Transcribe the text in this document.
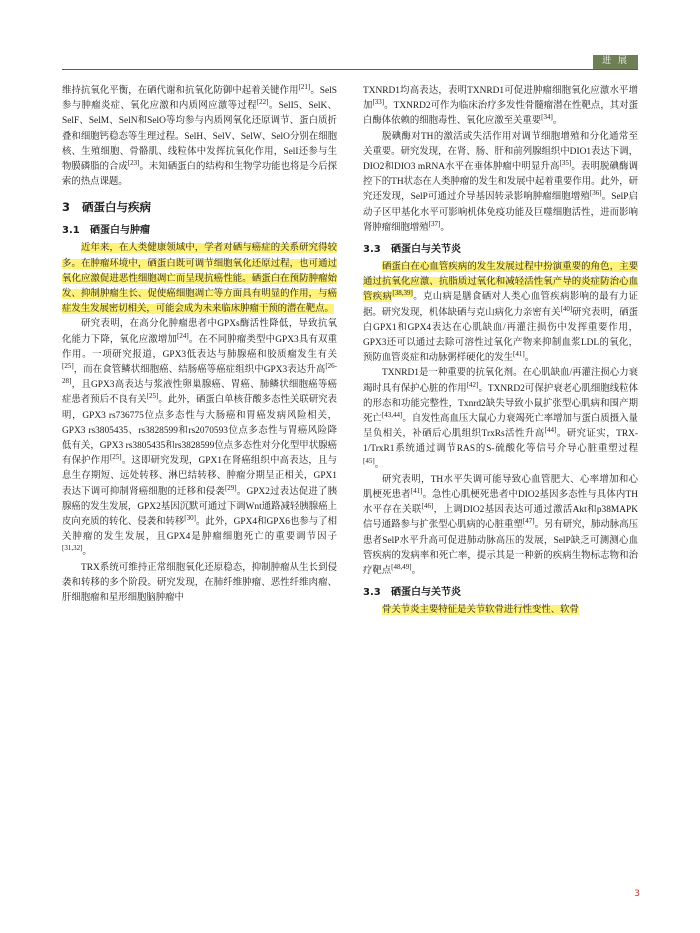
进 展

维持抗氧化平衡，在硒代谢和抗氧化防御中起着关键作用[21]。SelS参与肿瘤炎症、氧化应激和内质网应激等过程[22]。SelI5、SelK、SelF、SelM、SelN和SelO等均参与内质网氧化还原调节、蛋白质折叠和细胞钙稳态等生理过程。SelH、SelV、SelW、SelO分别在细胞核、生殖细胞、骨骼肌、线粒体中发挥抗氧化作用，SelI还参与生物膜磷脂的合成[23]。未知硒蛋白的结构和生物学功能也将是今后探索的热点课题。

3 硒蛋白与疾病
3.1 硒蛋白与肿瘤

近年来，在人类健康领域中，学者对硒与癌症的关系研究得较多。在肿瘤环境中，硒蛋白既可调节细胞氧化还原过程，也可通过氧化应激促进恶性细胞凋亡而呈现抗癌性能。硒蛋白在预防肿瘤始发、抑制肿瘤生长、促使癌细胞凋亡等方面具有明显的作用，与癌症发生发展密切相关，可能会成为未来临床肿瘤干预的潜在靶点。

研究表明，在高分化肿瘤患者中GPXs酶活性降低，导致抗氧化能力下降，氧化应激增加[24]。在不同肿瘤类型中GPX3具有双重作用。一项研究报道，GPX3低表达与肺腺癌和胶质瘤发生有关[25]，而在食管鳞状细胞癌、结肠癌等癌症组织中GPX3表达升高[26-28]，且GPX3高表达与浆液性卵巢腺癌、胃癌、肺鳞状细胞癌等癌症患者预后不良有关[25]。此外，硒蛋白单核苷酸多态性关联研究表明，GPX3 rs736775位点多态性与大肠癌和胃癌发病风险相关，GPX3 rs3805435、rs3828599和rs2070593位点多态性与胃癌风险降低有关，GPX3 rs3805435和rs3828599位点多态性对分化型甲状腺癌有保护作用[25]。这即研究发现，GPX1在肾癌组织中高表达，且与息生存期短、远处转移、淋巴结转移、肿瘤分期呈正相关，GPX1表达下调可抑制肾癌细胞的迁移和侵袭[29]。GPX2过表达促进了胰腺癌的发生发展，GPX2基因沉默可通过下调Wnt通路减轻胰腺癌上皮向充质的转化、侵袭和转移[30]。此外，GPX4和GPX6也参与了相关肿瘤的发生发展，且GPX4是肿瘤细胞死亡的重要调节因子[31,32]。

TRX系统可维持正常细胞氧化还原稳态，抑制肿瘤从生长到侵袭和转移的多个阶段。研究发现，在肺纤维肿瘤、恶性纤维肉瘤、肝细胞瘤和星形细胞脑肿瘤中

TXNRD1均高表达，表明TXNRD1可促进肿瘤细胞氧化应激水平增加[33]。TXNRD2可作为临床治疗多发性骨髓瘤潜在性靶点，其对蛋白酶体依赖的细胞毒性、氧化应激至关重要[34]。

脱碘酶对TH的激活或失活作用对调节细胞增殖和分化通常至关重要。研究发现，在肾、肠、肝和前列腺组织中DIO1表达下调，DIO2和DIO3 mRNA水平在垂体肿瘤中明显升高[35]。表明脱碘酶调控下的TH状态在人类肿瘤的发生和发展中起着重要作用。此外，研究还发现，SelP可通过介导基因转录影响肿瘤细胞增殖[36]。SelP启动子区甲基化水平可影响机体免疫功能及巨噬细胞活性，进而影响肾肿瘤细胞增殖[37]。

3.3 硒蛋白与关节炎

硒蛋白在心血管疾病的发生发展过程中扮演重要的角色，主要通过抗氧化应激、抗脂质过氧化和减轻活性氧产导的炎症防治心血管疾病[38,39]。克山病是膳食硒对人类心血管疾病影响的最有力证据。研究发现，机体缺硒与克山病化力亲密有关[40]研究表明，硒蛋白GPX1和GPX4表达在心肌缺血/再灌注损伤中发挥重要作用，GPX3还可以通过去除可溶性过氧化产物来抑制血浆LDL的氧化，预防血管炎症和动脉粥样硬化的发生[41]。

TXNRD1是一种重要的抗氧化剂。在心肌缺血/再灌注损心力衰竭时具有保护心脏的作用[42]。TXNRD2可保护衰老心肌细胞线粒体的形态和功能完整性，Txnrd2缺失导致小鼠扩张型心肌病和围产期死亡[43,44]。自发性高血压大鼠心力衰竭死亡率增加与蛋白质摄入量呈负相关，补硒后心肌组织TrxRs活性升高[44]。研究证实，TRX-1/TrxR1系统通过调节RAS的S-硫酸化等信号介导心脏重塑过程[45]。

研究表明，TH水平失调可能导致心血管肥大、心率增加和心肌梗死患者[41]。急性心肌梗死患者中DIO2基因多态性与具体内TH水平存在关联[46]，上调DIO2基因表达可通过激活Akt和p38MAPK信号通路参与扩张型心肌病的心脏重塑[47]。另有研究，肺动脉高压患者SelP水平升高可促进肺动脉高压的发展，SelP缺乏可测测心血管疾病的发病率和死亡率，提示其是一种新的疾病生物标志物和治疗靶点[48,49]。

3.3 硒蛋白与关节炎

骨关节炎主要特征是关节软骨进行性变性、软骨

3
